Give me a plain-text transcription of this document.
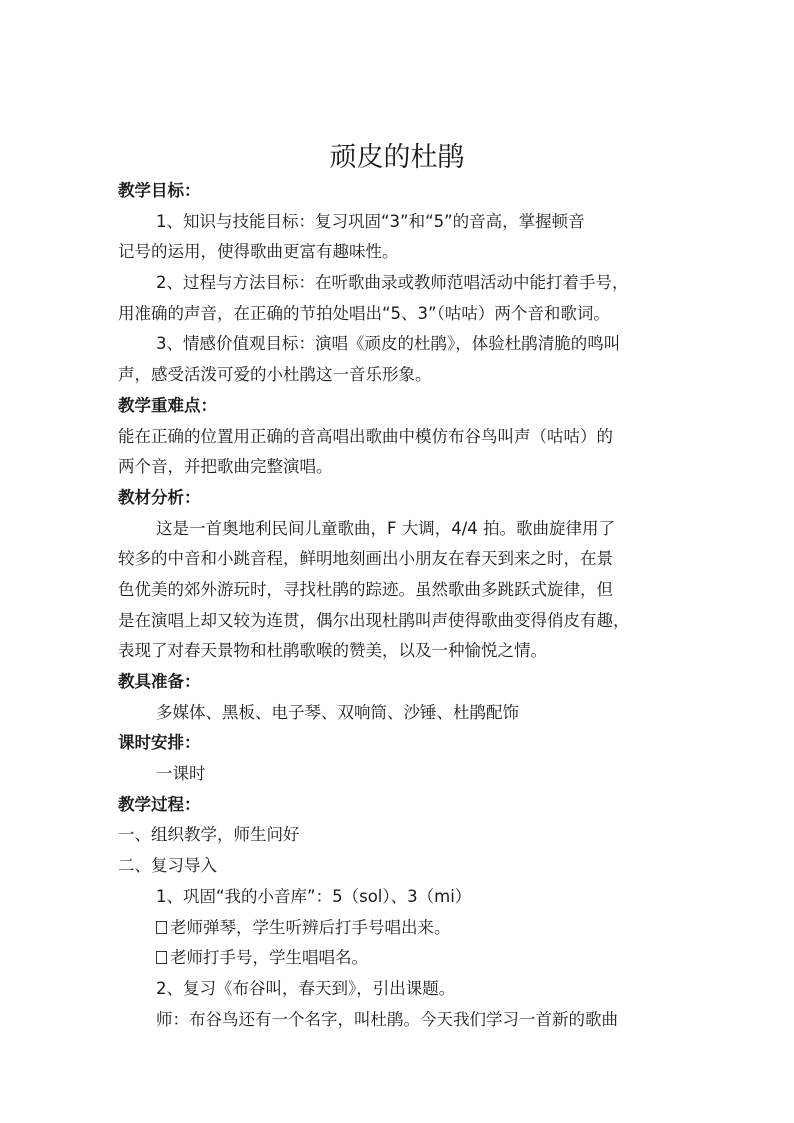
顽皮的杜鹃
教学目标：
1、知识与技能目标：复习巩固“3”和“5”的音高，掌握顿音
记号的运用，使得歌曲更富有趣味性。
2、过程与方法目标：在听歌曲录或教师范唱活动中能打着手号，
用准确的声音，在正确的节拍处唱出“5、3”（咕咕）两个音和歌词。
3、情感价值观目标：演唱《顽皮的杜鹃》，体验杜鹃清脆的鸣叫
声，感受活泼可爱的小杜鹃这一音乐形象。
教学重难点：
能在正确的位置用正确的音高唱出歌曲中模仿布谷鸟叫声（咕咕）的
两个音，并把歌曲完整演唱。
教材分析：
这是一首奥地利民间儿童歌曲，F 大调，4/4 拍。歌曲旋律用了
较多的中音和小跳音程，鲜明地刻画出小朋友在春天到来之时，在景
色优美的郊外游玩时，寻找杜鹃的踪迹。虽然歌曲多跳跃式旋律，但
是在演唱上却又较为连贯，偶尔出现杜鹃叫声使得歌曲变得俏皮有趣，
表现了对春天景物和杜鹃歌喉的赞美，以及一种愉悦之情。
教具准备：
多媒体、黑板、电子琴、双响筒、沙锤、杜鹃配饰
课时安排：
一课时
教学过程：
一、组织教学，师生问好
二、复习导入
1、巩固“我的小音库”：5（sol）、3（mi）
老师弹琴，学生听辨后打手号唱出来。
老师打手号，学生唱唱名。
2、复习《布谷叫，春天到》，引出课题。
师：布谷鸟还有一个名字，叫杜鹃。今天我们学习一首新的歌曲
